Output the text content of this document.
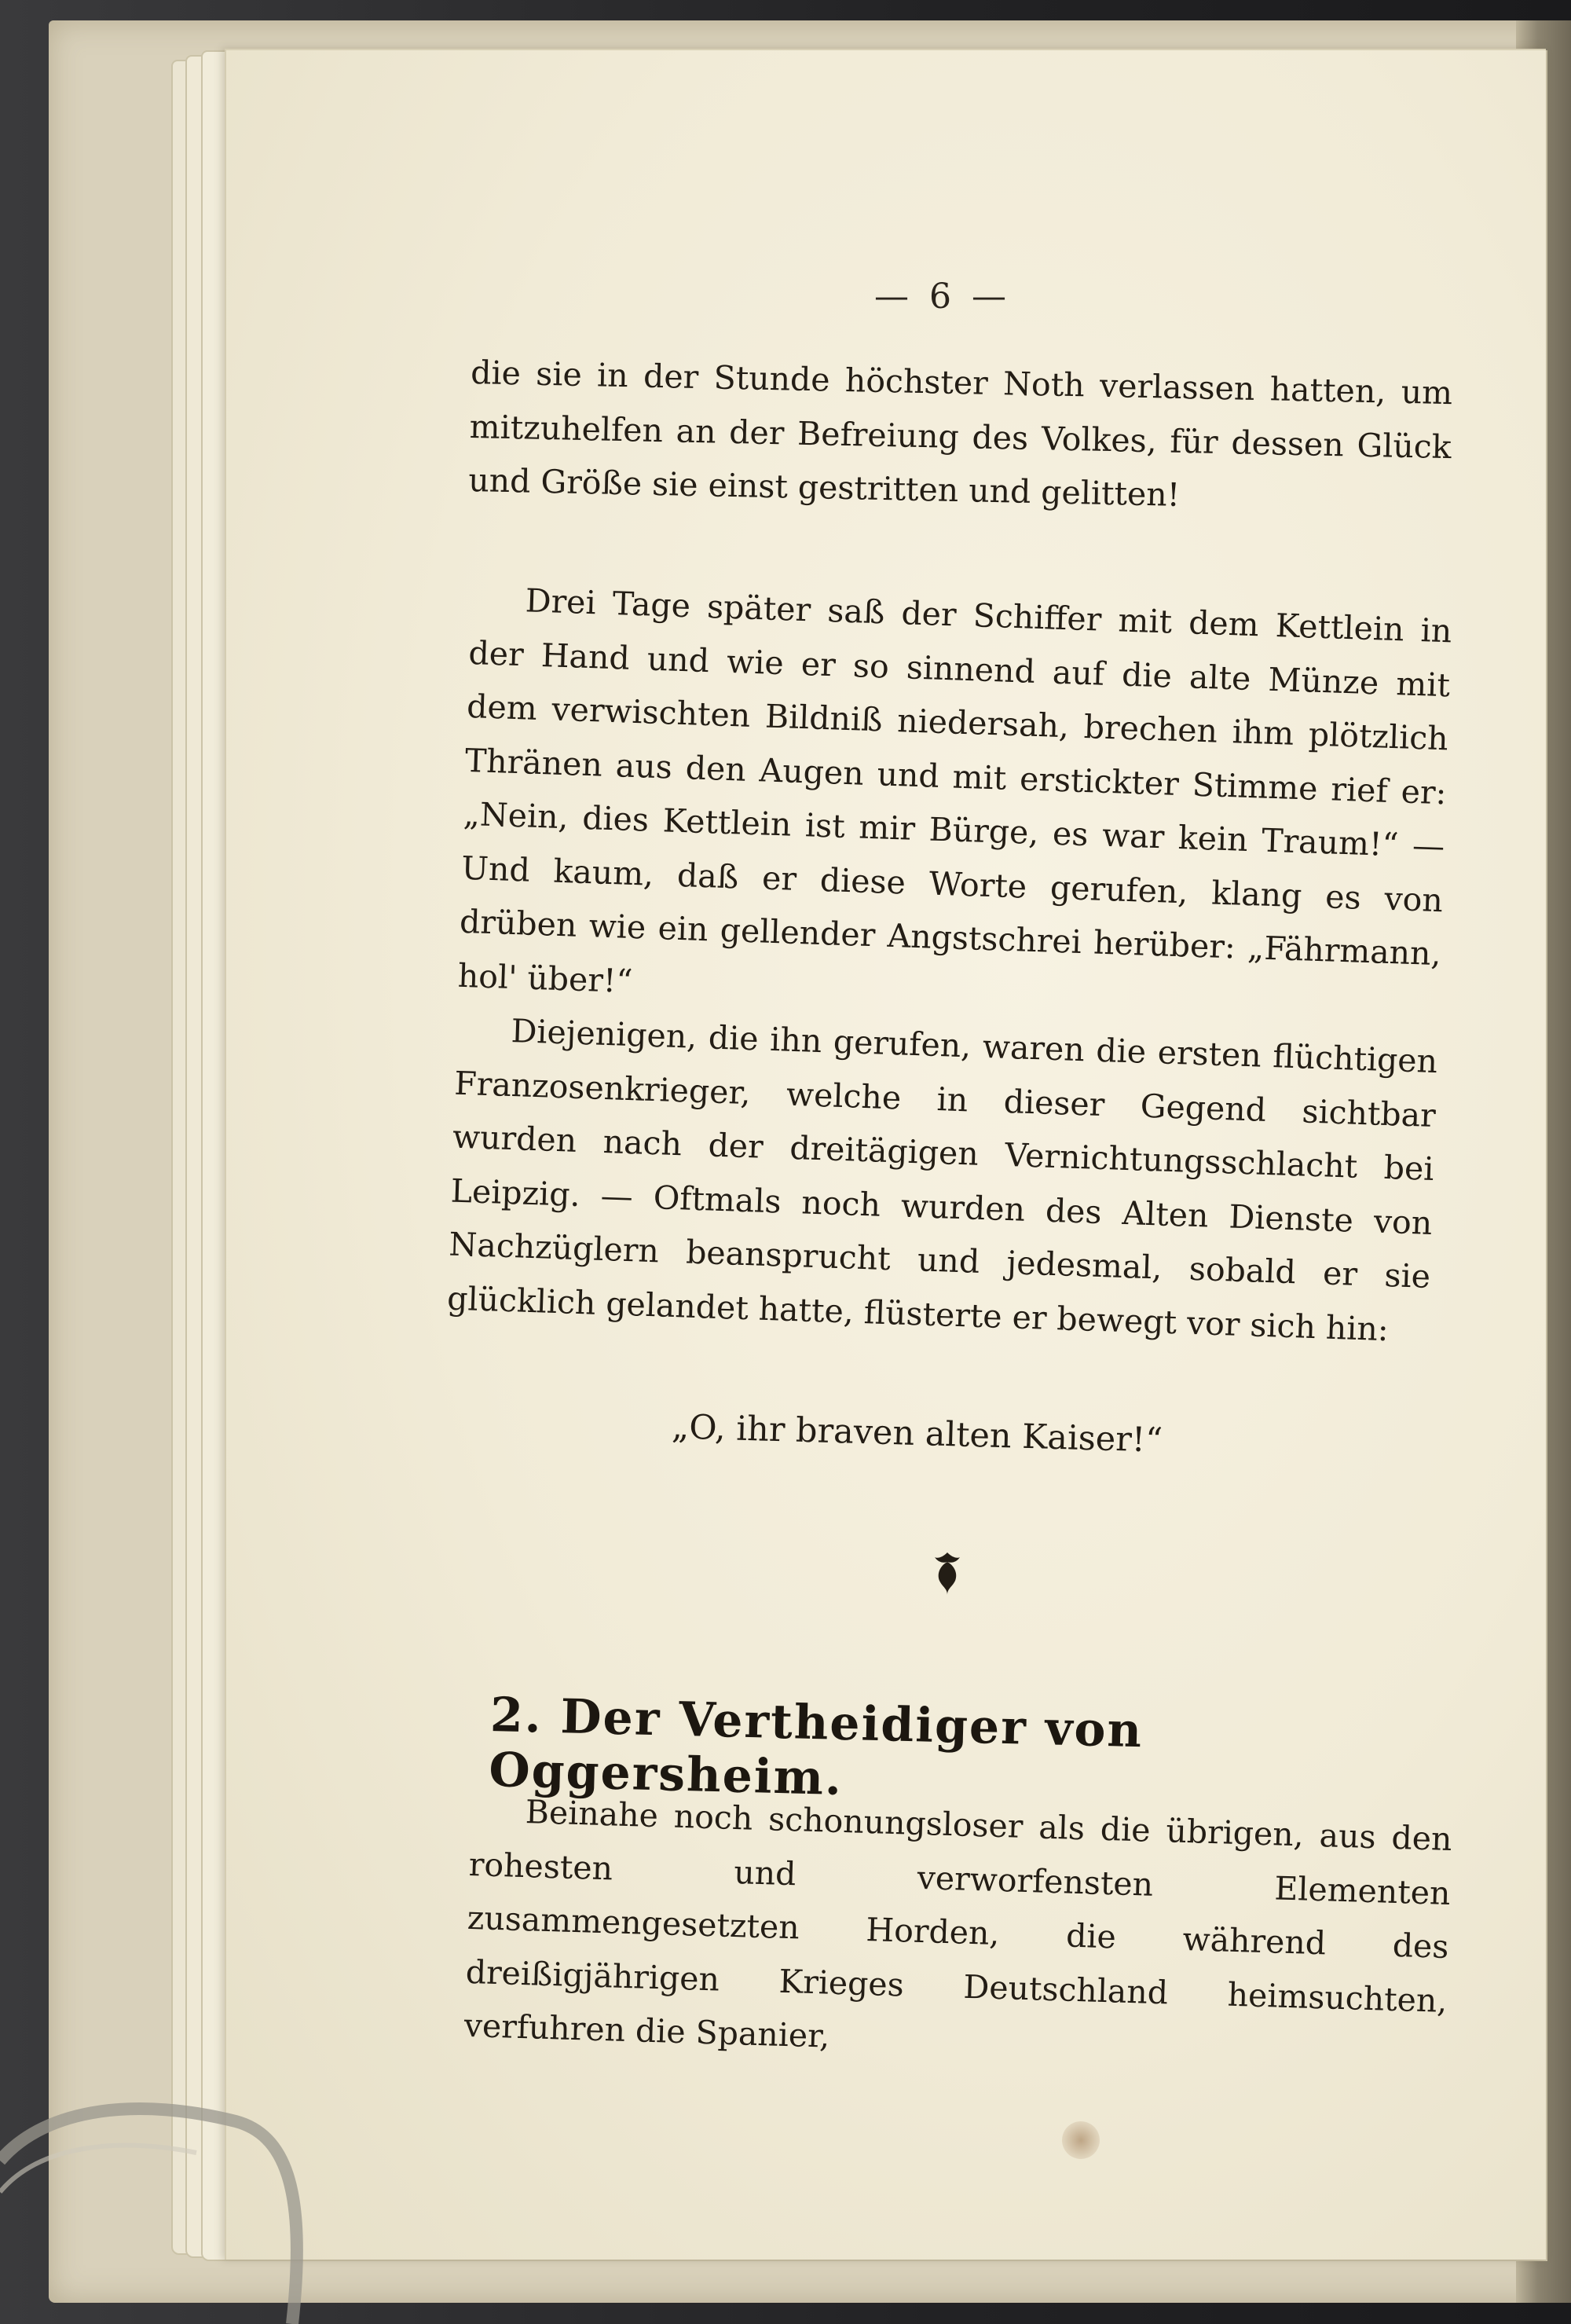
— 6 —

die sie in der Stunde höchster Noth verlassen hatten, um mitzuhelfen an der Befreiung des Volkes, für dessen Glück und Größe sie einst gestritten und gelitten!

Drei Tage später saß der Schiffer mit dem Kettlein in der Hand und wie er so sinnend auf die alte Münze mit dem verwischten Bildniß niedersah, brechen ihm plötzlich Thränen aus den Augen und mit erstickter Stimme rief er: „Nein, dies Kettlein ist mir Bürge, es war kein Traum!“ — Und kaum, daß er diese Worte gerufen, klang es von drüben wie ein gellender Angstschrei herüber: „Fährmann, hol' über!“

Diejenigen, die ihn gerufen, waren die ersten flüchtigen Franzosenkrieger, welche in dieser Gegend sichtbar wurden nach der dreitägigen Vernichtungsschlacht bei Leipzig. — Oftmals noch wurden des Alten Dienste von Nachzüglern beansprucht und jedesmal, sobald er sie glücklich gelandet hatte, flüsterte er bewegt vor sich hin:

„O, ihr braven alten Kaiser!“
2. Der Vertheidiger von Oggersheim.

Beinahe noch schonungsloser als die übrigen, aus den rohesten und verworfensten Elementen zusammengesetzten Horden, die während des dreißigjährigen Krieges Deutschland heimsuchten, verfuhren die Spanier,
